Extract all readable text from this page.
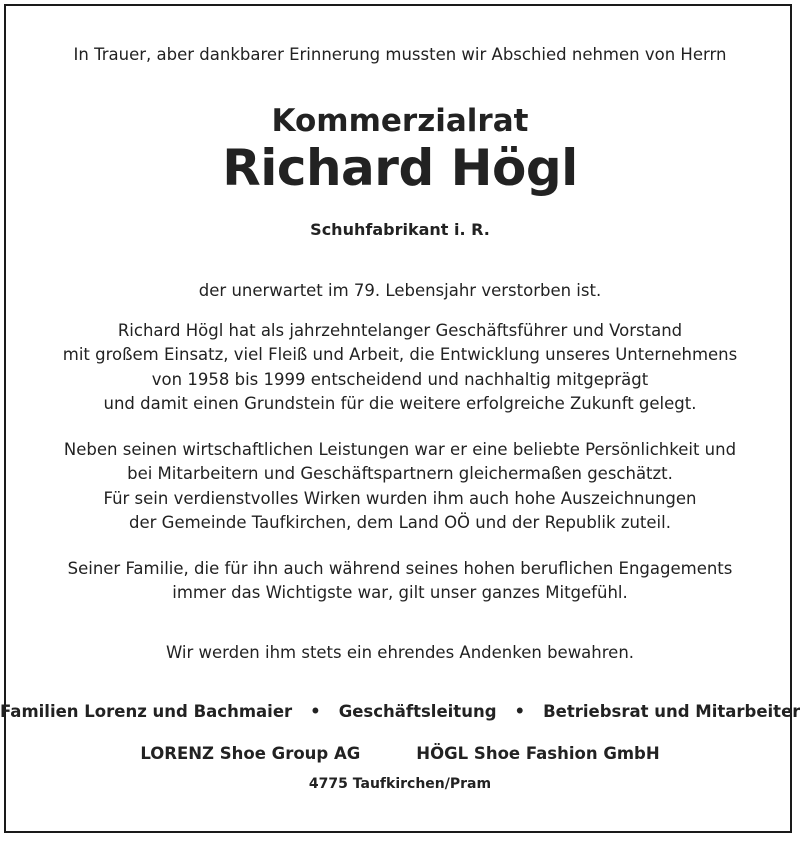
In Trauer, aber dankbarer Erinnerung mussten wir Abschied nehmen von Herrn
Kommerzialrat
Richard Högl
Schuhfabrikant i. R.
der unerwartet im 79. Lebensjahr verstorben ist.
Richard Högl hat als jahrzehntelanger Geschäftsführer und Vorstand
mit großem Einsatz, viel Fleiß und Arbeit, die Entwicklung unseres Unternehmens
von 1958 bis 1999 entscheidend und nachhaltig mitgeprägt
und damit einen Grundstein für die weitere erfolgreiche Zukunft gelegt.
Neben seinen wirtschaftlichen Leistungen war er eine beliebte Persönlichkeit und
bei Mitarbeitern und Geschäftspartnern gleichermaßen geschätzt.
Für sein verdienstvolles Wirken wurden ihm auch hohe Auszeichnungen
der Gemeinde Taufkirchen, dem Land OÖ und der Republik zuteil.
Seiner Familie, die für ihn auch während seines hohen beruflichen Engagements
immer das Wichtigste war, gilt unser ganzes Mitgefühl.
Wir werden ihm stets ein ehrendes Andenken bewahren.
Familien Lorenz und Bachmaier • Geschäftsleitung • Betriebsrat und Mitarbeiter
LORENZ Shoe Group AG	HÖGL Shoe Fashion GmbH
4775 Taufkirchen/Pram
